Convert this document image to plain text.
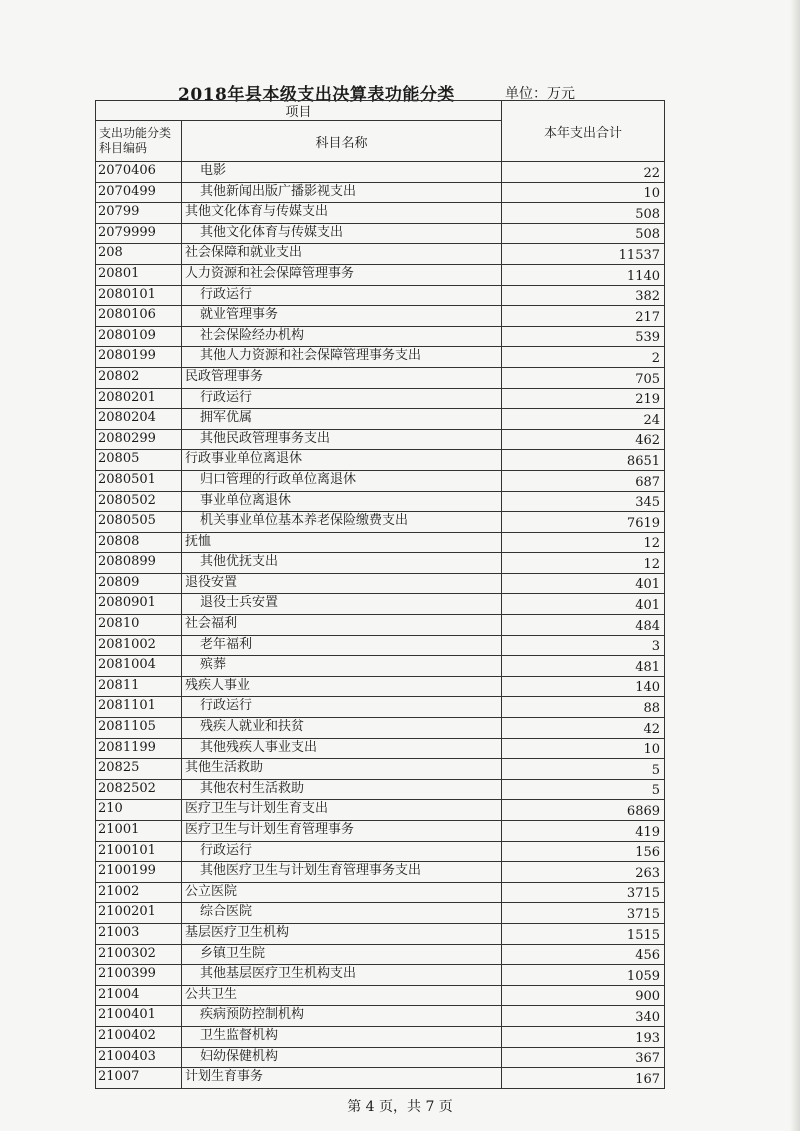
2018年县本级支出决算表功能分类	单位：万元
项目		本年支出合计
支出功能分类科目编码	科目名称	
2070406	电影	22
2070499	其他新闻出版广播影视支出	10
20799	其他文化体育与传媒支出	508
2079999	其他文化体育与传媒支出	508
208	社会保障和就业支出	11537
20801	人力资源和社会保障管理事务	1140
2080101	行政运行	382
2080106	就业管理事务	217
2080109	社会保险经办机构	539
2080199	其他人力资源和社会保障管理事务支出	2
20802	民政管理事务	705
2080201	行政运行	219
2080204	拥军优属	24
2080299	其他民政管理事务支出	462
20805	行政事业单位离退休	8651
2080501	归口管理的行政单位离退休	687
2080502	事业单位离退休	345
2080505	机关事业单位基本养老保险缴费支出	7619
20808	抚恤	12
2080899	其他优抚支出	12
20809	退役安置	401
2080901	退役士兵安置	401
20810	社会福利	484
2081002	老年福利	3
2081004	殡葬	481
20811	残疾人事业	140
2081101	行政运行	88
2081105	残疾人就业和扶贫	42
2081199	其他残疾人事业支出	10
20825	其他生活救助	5
2082502	其他农村生活救助	5
210	医疗卫生与计划生育支出	6869
21001	医疗卫生与计划生育管理事务	419
2100101	行政运行	156
2100199	其他医疗卫生与计划生育管理事务支出	263
21002	公立医院	3715
2100201	综合医院	3715
21003	基层医疗卫生机构	1515
2100302	乡镇卫生院	456
2100399	其他基层医疗卫生机构支出	1059
21004	公共卫生	900
2100401	疾病预防控制机构	340
2100402	卫生监督机构	193
2100403	妇幼保健机构	367
21007	计划生育事务	167
第 4 页，共 7 页
